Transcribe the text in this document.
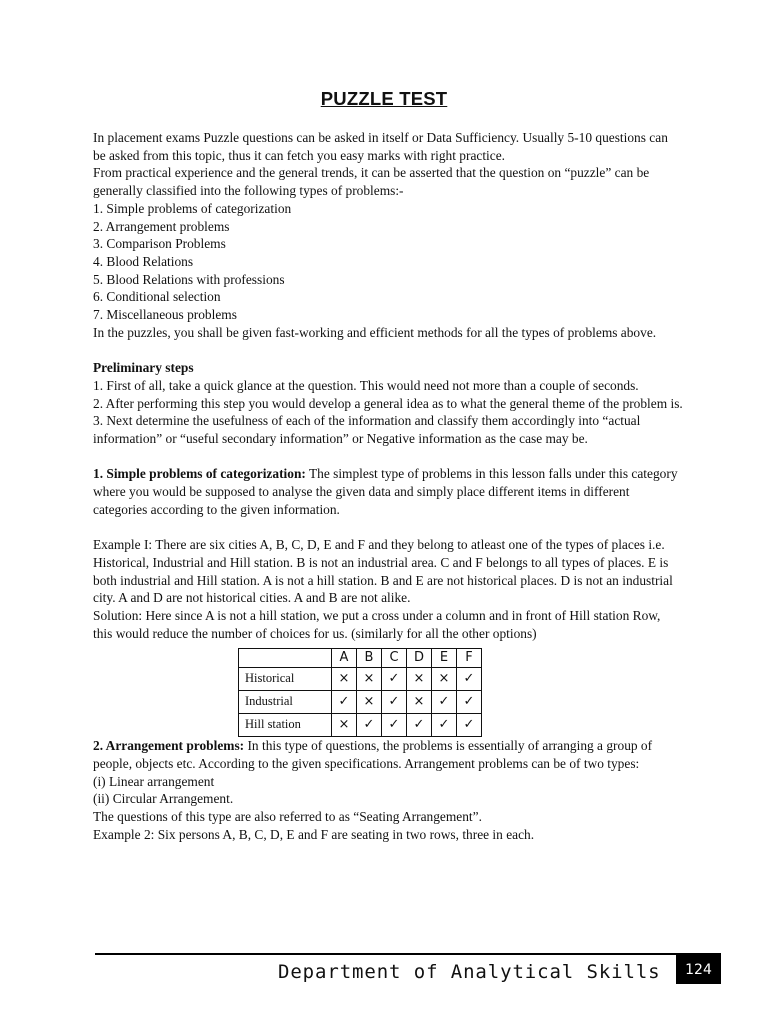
PUZZLE TEST

In placement exams Puzzle questions can be asked in itself or Data Sufficiency. Usually 5-10 questions can be asked from this topic, thus it can fetch you easy marks with right practice.

From practical experience and the general trends, it can be asserted that the question on “puzzle” can be generally classified into the following types of problems:-

1. Simple problems of categorization

2. Arrangement problems

3. Comparison Problems

4. Blood Relations

5. Blood Relations with professions

6. Conditional selection

7. Miscellaneous problems

In the puzzles, you shall be given fast-working and efficient methods for all the types of problems above.

Preliminary steps

1. First of all, take a quick glance at the question. This would need not more than a couple of seconds.

2. After performing this step you would develop a general idea as to what the general theme of the problem is.

3. Next determine the usefulness of each of the information and classify them accordingly into “actual information” or “useful secondary information” or Negative information as the case may be.

1. Simple problems of categorization: The simplest type of problems in this lesson falls under this category where you would be supposed to analyse the given data and simply place different items in different categories according to the given information.

Example I: There are six cities A, B, C, D, E and F and they belong to atleast one of the types of places i.e. Historical, Industrial and Hill station. B is not an industrial area. C and F belongs to all types of places. E is both industrial and Hill station. A is not a hill station. B and E are not historical places. D is not an industrial city. A and D are not historical cities. A and B are not alike.

Solution: Here since A is not a hill station, we put a cross under a column and in front of Hill station Row, this would reduce the number of choices for us. (similarly for all the other options)

	A	B	C	D	E	F
Historical	×	×	✓	×	×	✓
Industrial	✓	×	✓	×	✓	✓
Hill station	×	✓	✓	✓	✓	✓

2. Arrangement problems: In this type of questions, the problems is essentially of arranging a group of people, objects etc. According to the given specifications. Arrangement problems can be of two types:

(i) Linear arrangement

(ii) Circular Arrangement.

The questions of this type are also referred to as “Seating Arrangement”.

Example 2: Six persons A, B, C, D, E and F are seating in two rows, three in each.

Department of Analytical Skills	124
